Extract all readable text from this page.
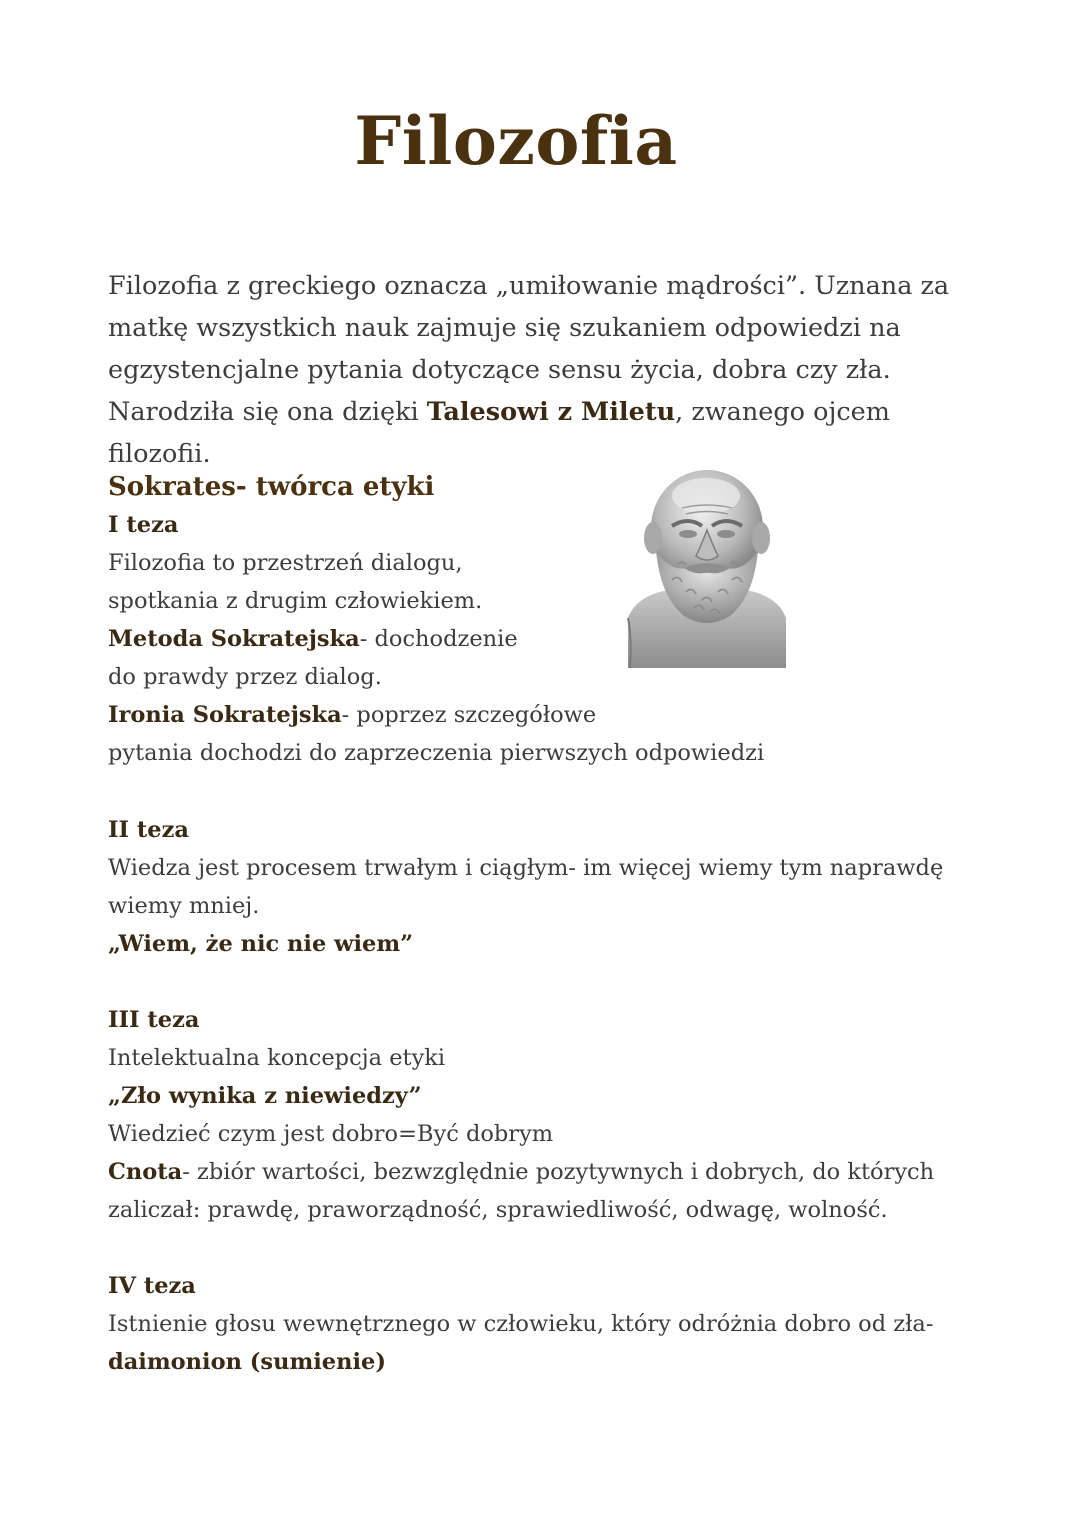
Filozofia

Filozofia z greckiego oznacza „umiłowanie mądrości”. Uznana za matkę wszystkich nauk zajmuje się szukaniem odpowiedzi na egzystencjalne pytania dotyczące sensu życia, dobra czy zła. Narodziła się ona dzięki Talesowi z Miletu, zwanego ojcem filozofii.

Sokrates- twórca etyki

I teza

Filozofia to przestrzeń dialogu,

spotkania z drugim człowiekiem.

Metoda Sokratejska- dochodzenie

do prawdy przez dialog.

Ironia Sokratejska- poprzez szczegółowe

pytania dochodzi do zaprzeczenia pierwszych odpowiedzi

II teza

Wiedza jest procesem trwałym i ciągłym- im więcej wiemy tym naprawdę

wiemy mniej.

„Wiem, że nic nie wiem”

III teza

Intelektualna koncepcja etyki

„Zło wynika z niewiedzy”

Wiedzieć czym jest dobro=Być dobrym

Cnota- zbiór wartości, bezwzględnie pozytywnych i dobrych, do których

zaliczał: prawdę, praworządność, sprawiedliwość, odwagę, wolność.

IV teza

Istnienie głosu wewnętrznego w człowieku, który odróżnia dobro od zła-

daimonion (sumienie)
